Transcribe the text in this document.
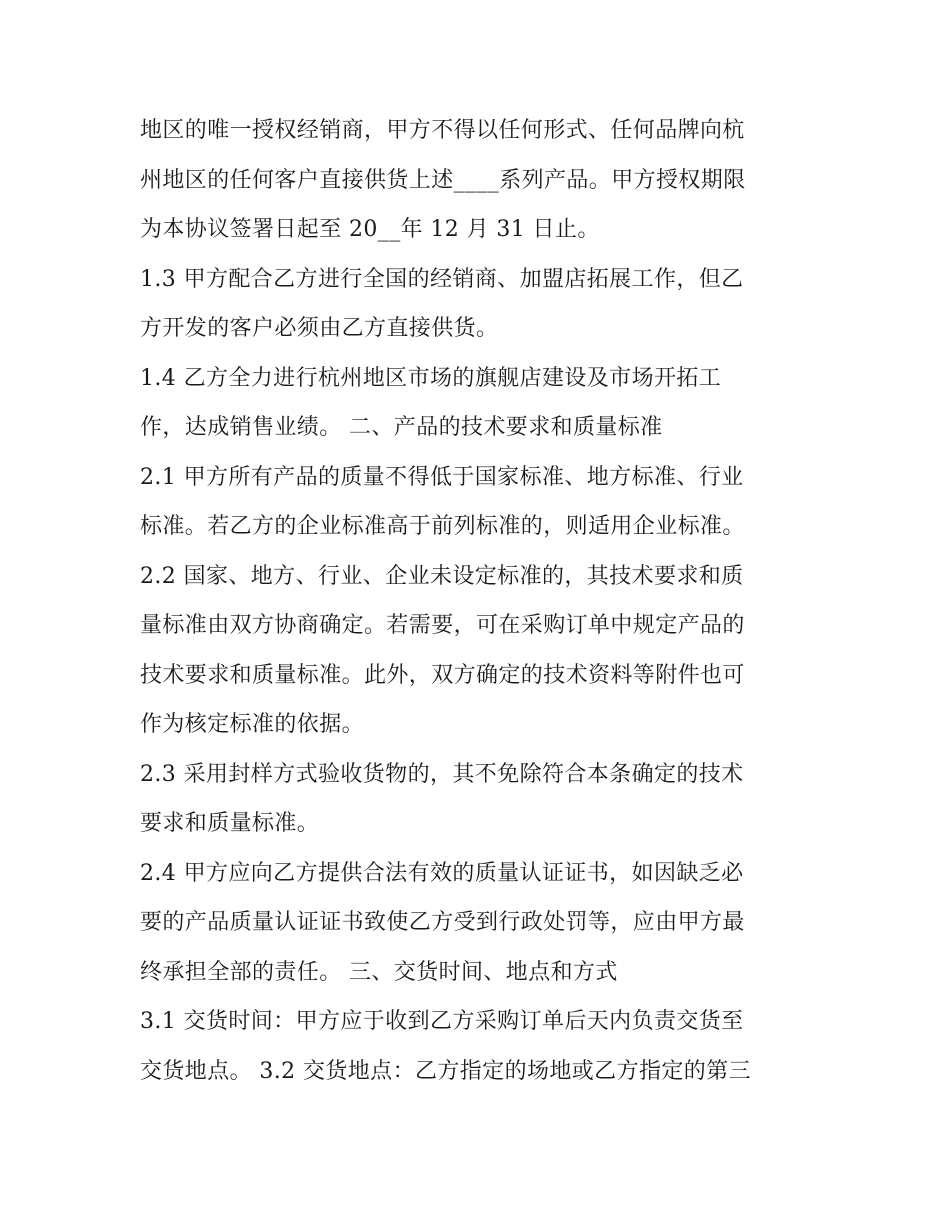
地区的唯一授权经销商，甲方不得以任何形式、任何品牌向杭
州地区的任何客户直接供货上述____系列产品。甲方授权期限
为本协议签署日起至 20__年 12 月 31 日止。
1.3 甲方配合乙方进行全国的经销商、加盟店拓展工作，但乙
方开发的客户必须由乙方直接供货。
1.4 乙方全力进行杭州地区市场的旗舰店建设及市场开拓工
作，达成销售业绩。 二、产品的技术要求和质量标准
2.1 甲方所有产品的质量不得低于国家标准、地方标准、行业
标准。若乙方的企业标准高于前列标准的，则适用企业标准。
2.2 国家、地方、行业、企业未设定标准的，其技术要求和质
量标准由双方协商确定。若需要，可在采购订单中规定产品的
技术要求和质量标准。此外，双方确定的技术资料等附件也可
作为核定标准的依据。
2.3 采用封样方式验收货物的，其不免除符合本条确定的技术
要求和质量标准。
2.4 甲方应向乙方提供合法有效的质量认证证书，如因缺乏必
要的产品质量认证证书致使乙方受到行政处罚等，应由甲方最
终承担全部的责任。 三、交货时间、地点和方式
3.1 交货时间：甲方应于收到乙方采购订单后天内负责交货至
交货地点。 3.2 交货地点：乙方指定的场地或乙方指定的第三
